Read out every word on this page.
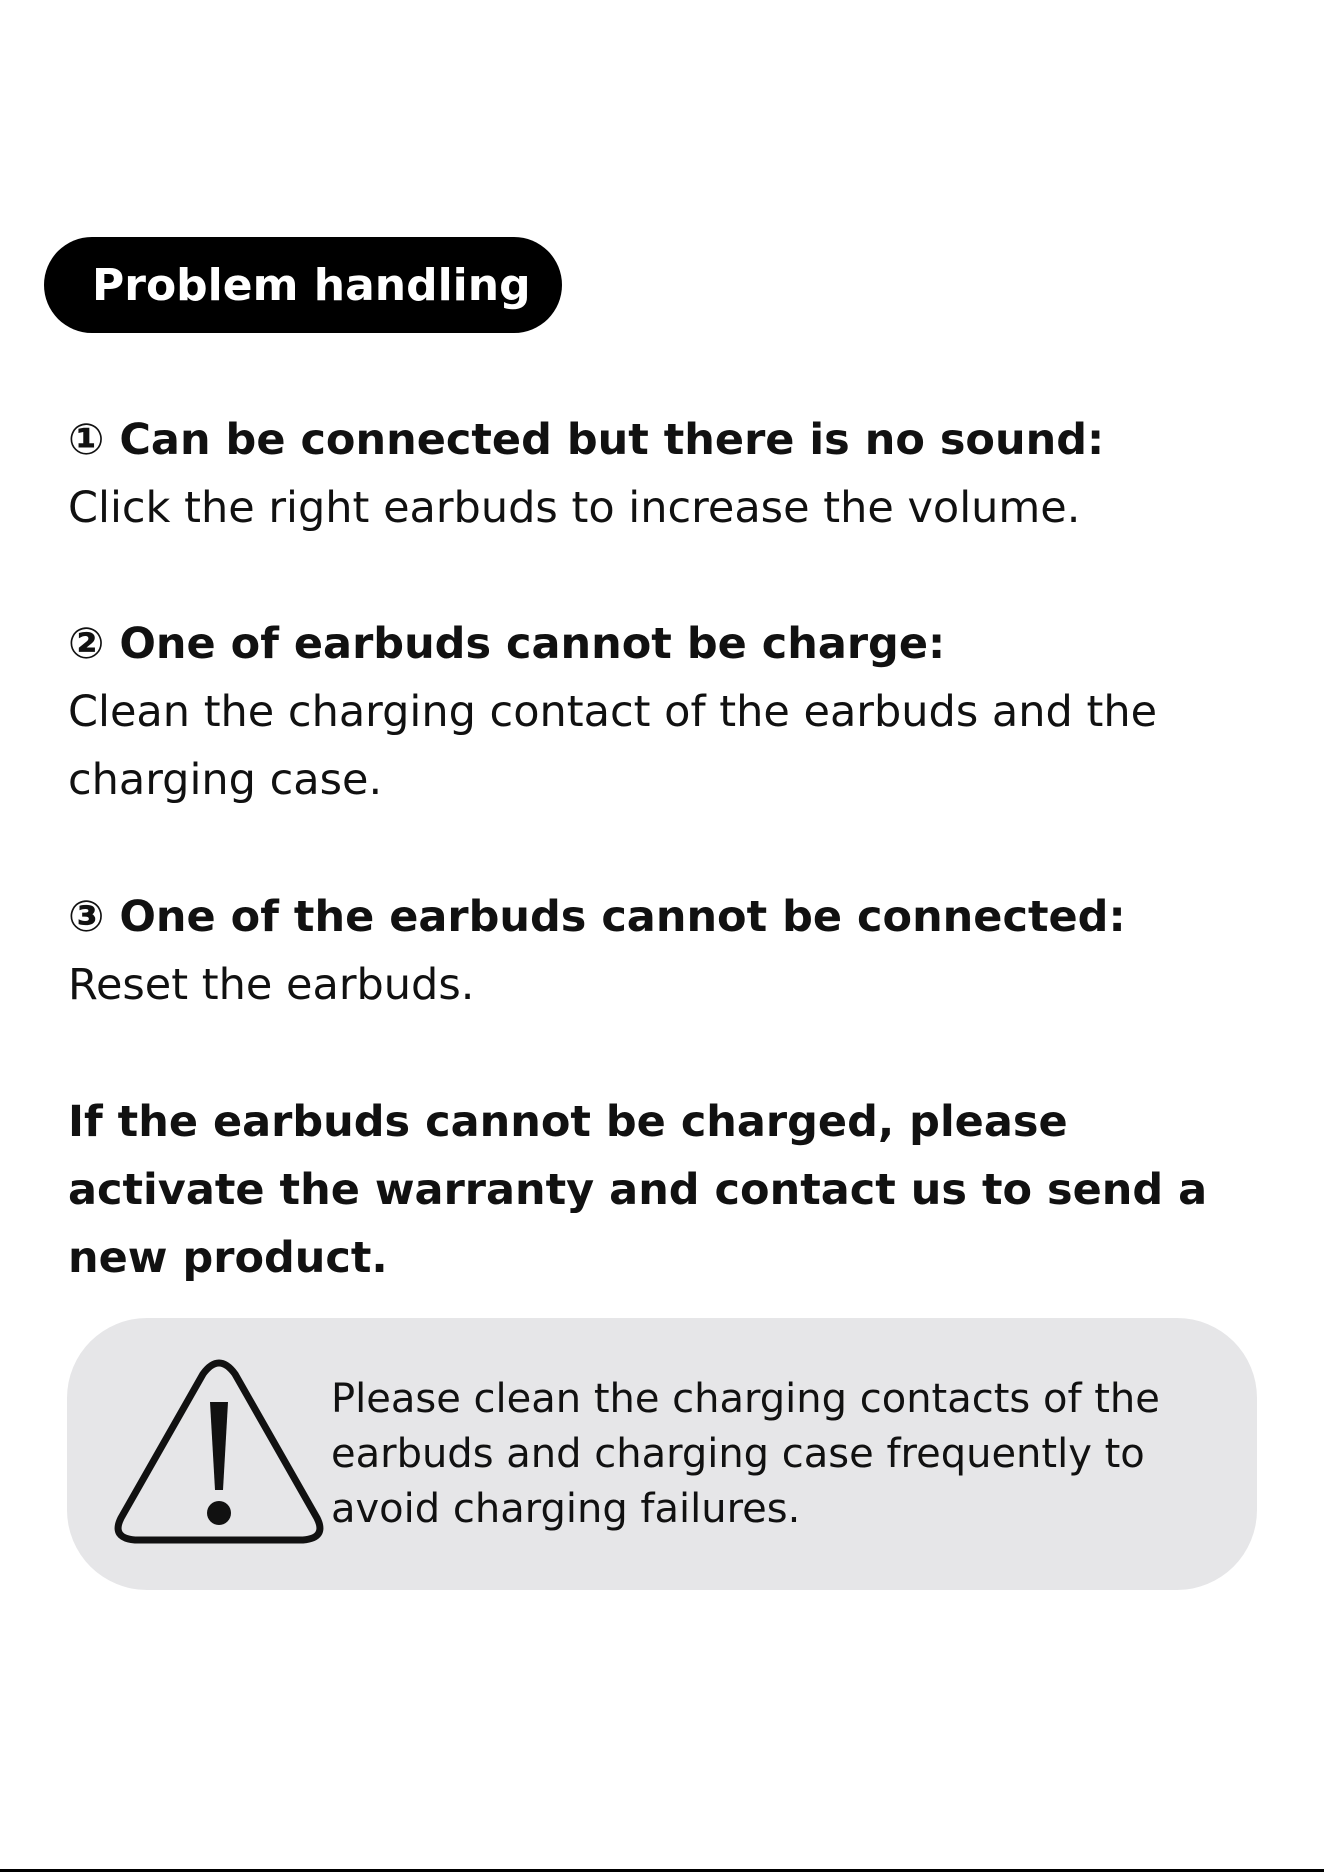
Problem handling
① Can be connected but there is no sound:
Click the right earbuds to increase the volume.
② One of earbuds cannot be charge:
Clean the charging contact of the earbuds and the charging case.
③ One of the earbuds cannot be connected:
Reset the earbuds.
If the earbuds cannot be charged, please activate the warranty and contact us to send a new product.
Please clean the charging contacts of the earbuds and charging case frequently to avoid charging failures.
